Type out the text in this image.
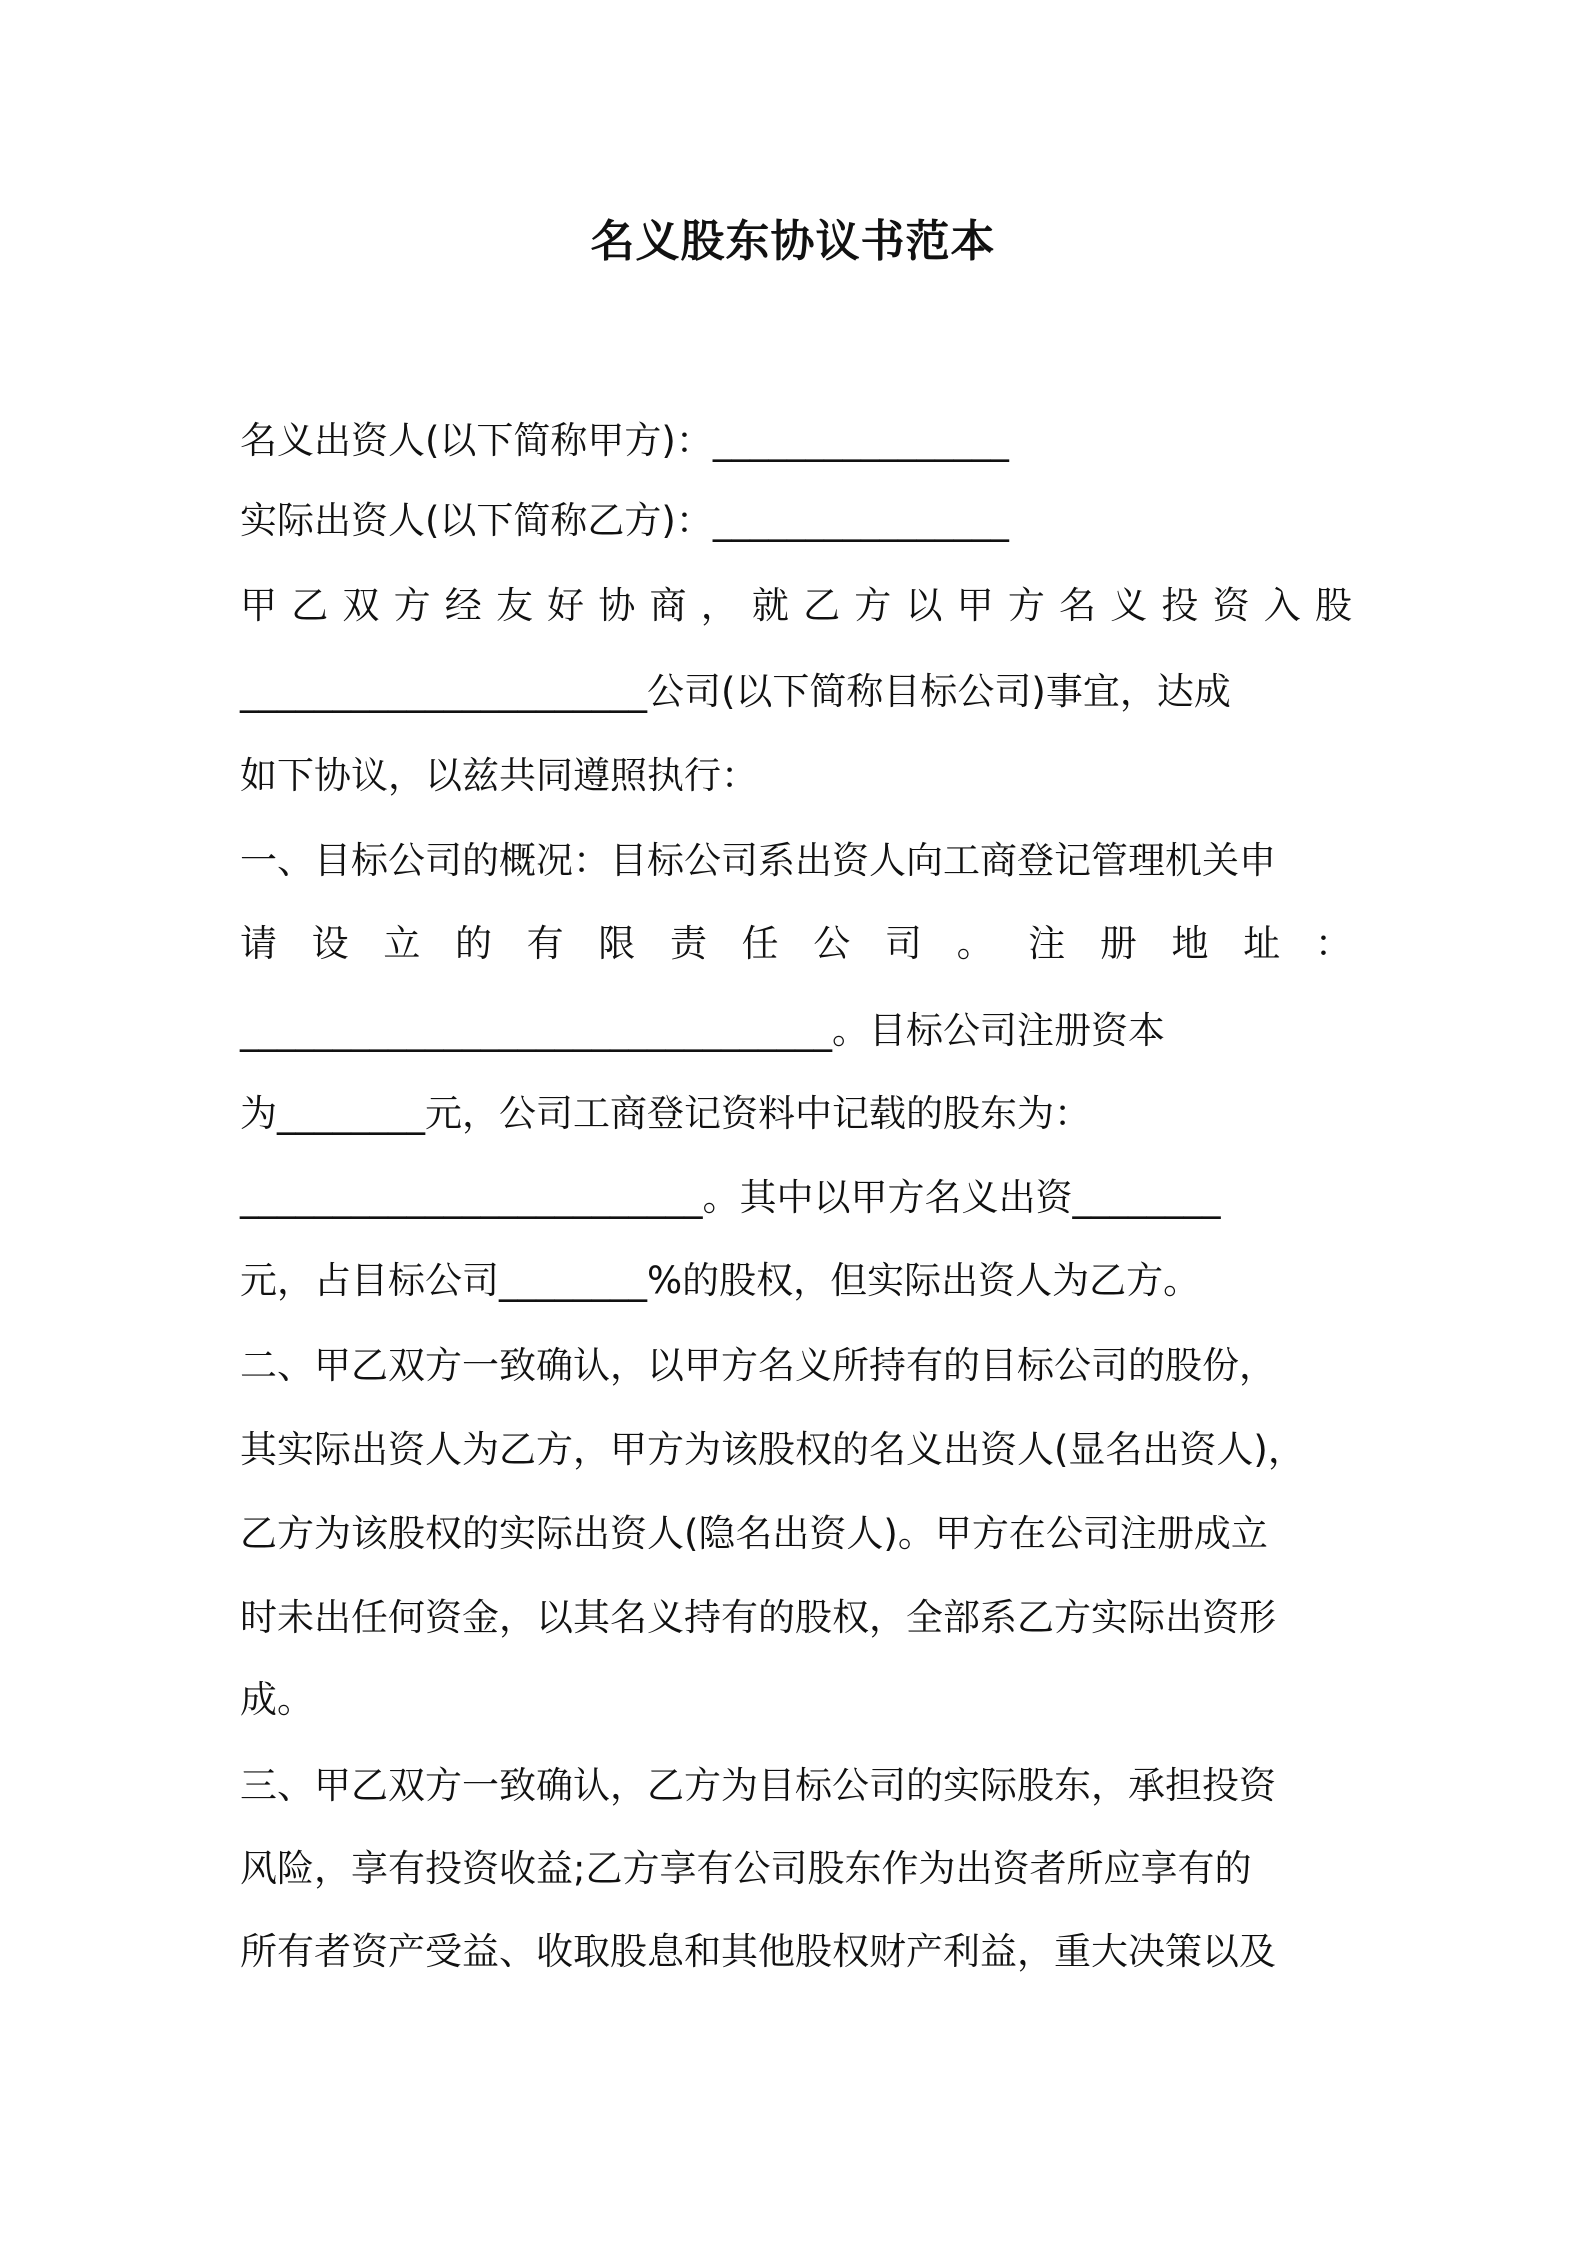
名义股东协议书范本
名义出资人(以下简称甲方)：________________
实际出资人(以下简称乙方)：________________
甲 乙 双 方 经 友 好 协 商 ， 就 乙 方 以 甲 方 名 义 投 资 入 股
______________________公司(以下简称目标公司)事宜，达成
如下协议，以兹共同遵照执行：
一、目标公司的概况：目标公司系出资人向工商登记管理机关申
请 设 立 的 有 限 责 任 公 司 。 注 册 地 址 ：
________________________________。目标公司注册资本
为________元，公司工商登记资料中记载的股东为：
_________________________。其中以甲方名义出资________
元，占目标公司________%的股权，但实际出资人为乙方。
二、甲乙双方一致确认，以甲方名义所持有的目标公司的股份，
其实际出资人为乙方，甲方为该股权的名义出资人(显名出资人)，
乙方为该股权的实际出资人(隐名出资人)。甲方在公司注册成立
时未出任何资金，以其名义持有的股权，全部系乙方实际出资形
成。
三、甲乙双方一致确认，乙方为目标公司的实际股东，承担投资
风险，享有投资收益;乙方享有公司股东作为出资者所应享有的
所有者资产受益、收取股息和其他股权财产利益，重大决策以及
